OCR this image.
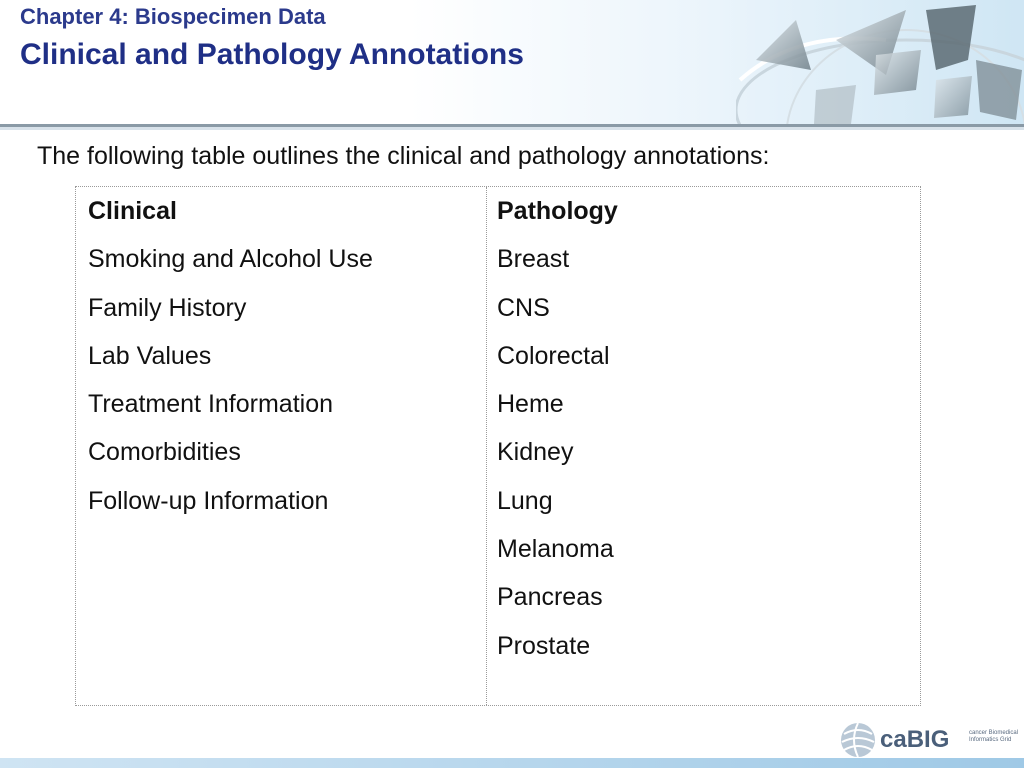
Chapter 4: Biospecimen Data
Clinical and Pathology Annotations
The following table outlines the clinical and pathology annotations:
Clinical
Smoking and Alcohol Use
Family History
Lab Values
Treatment Information
Comorbidities
Follow-up Information
Pathology
Breast
CNS
Colorectal
Heme
Kidney
Lung
Melanoma
Pancreas
Prostate
caBIG	cancer Biomedical Informatics Grid
